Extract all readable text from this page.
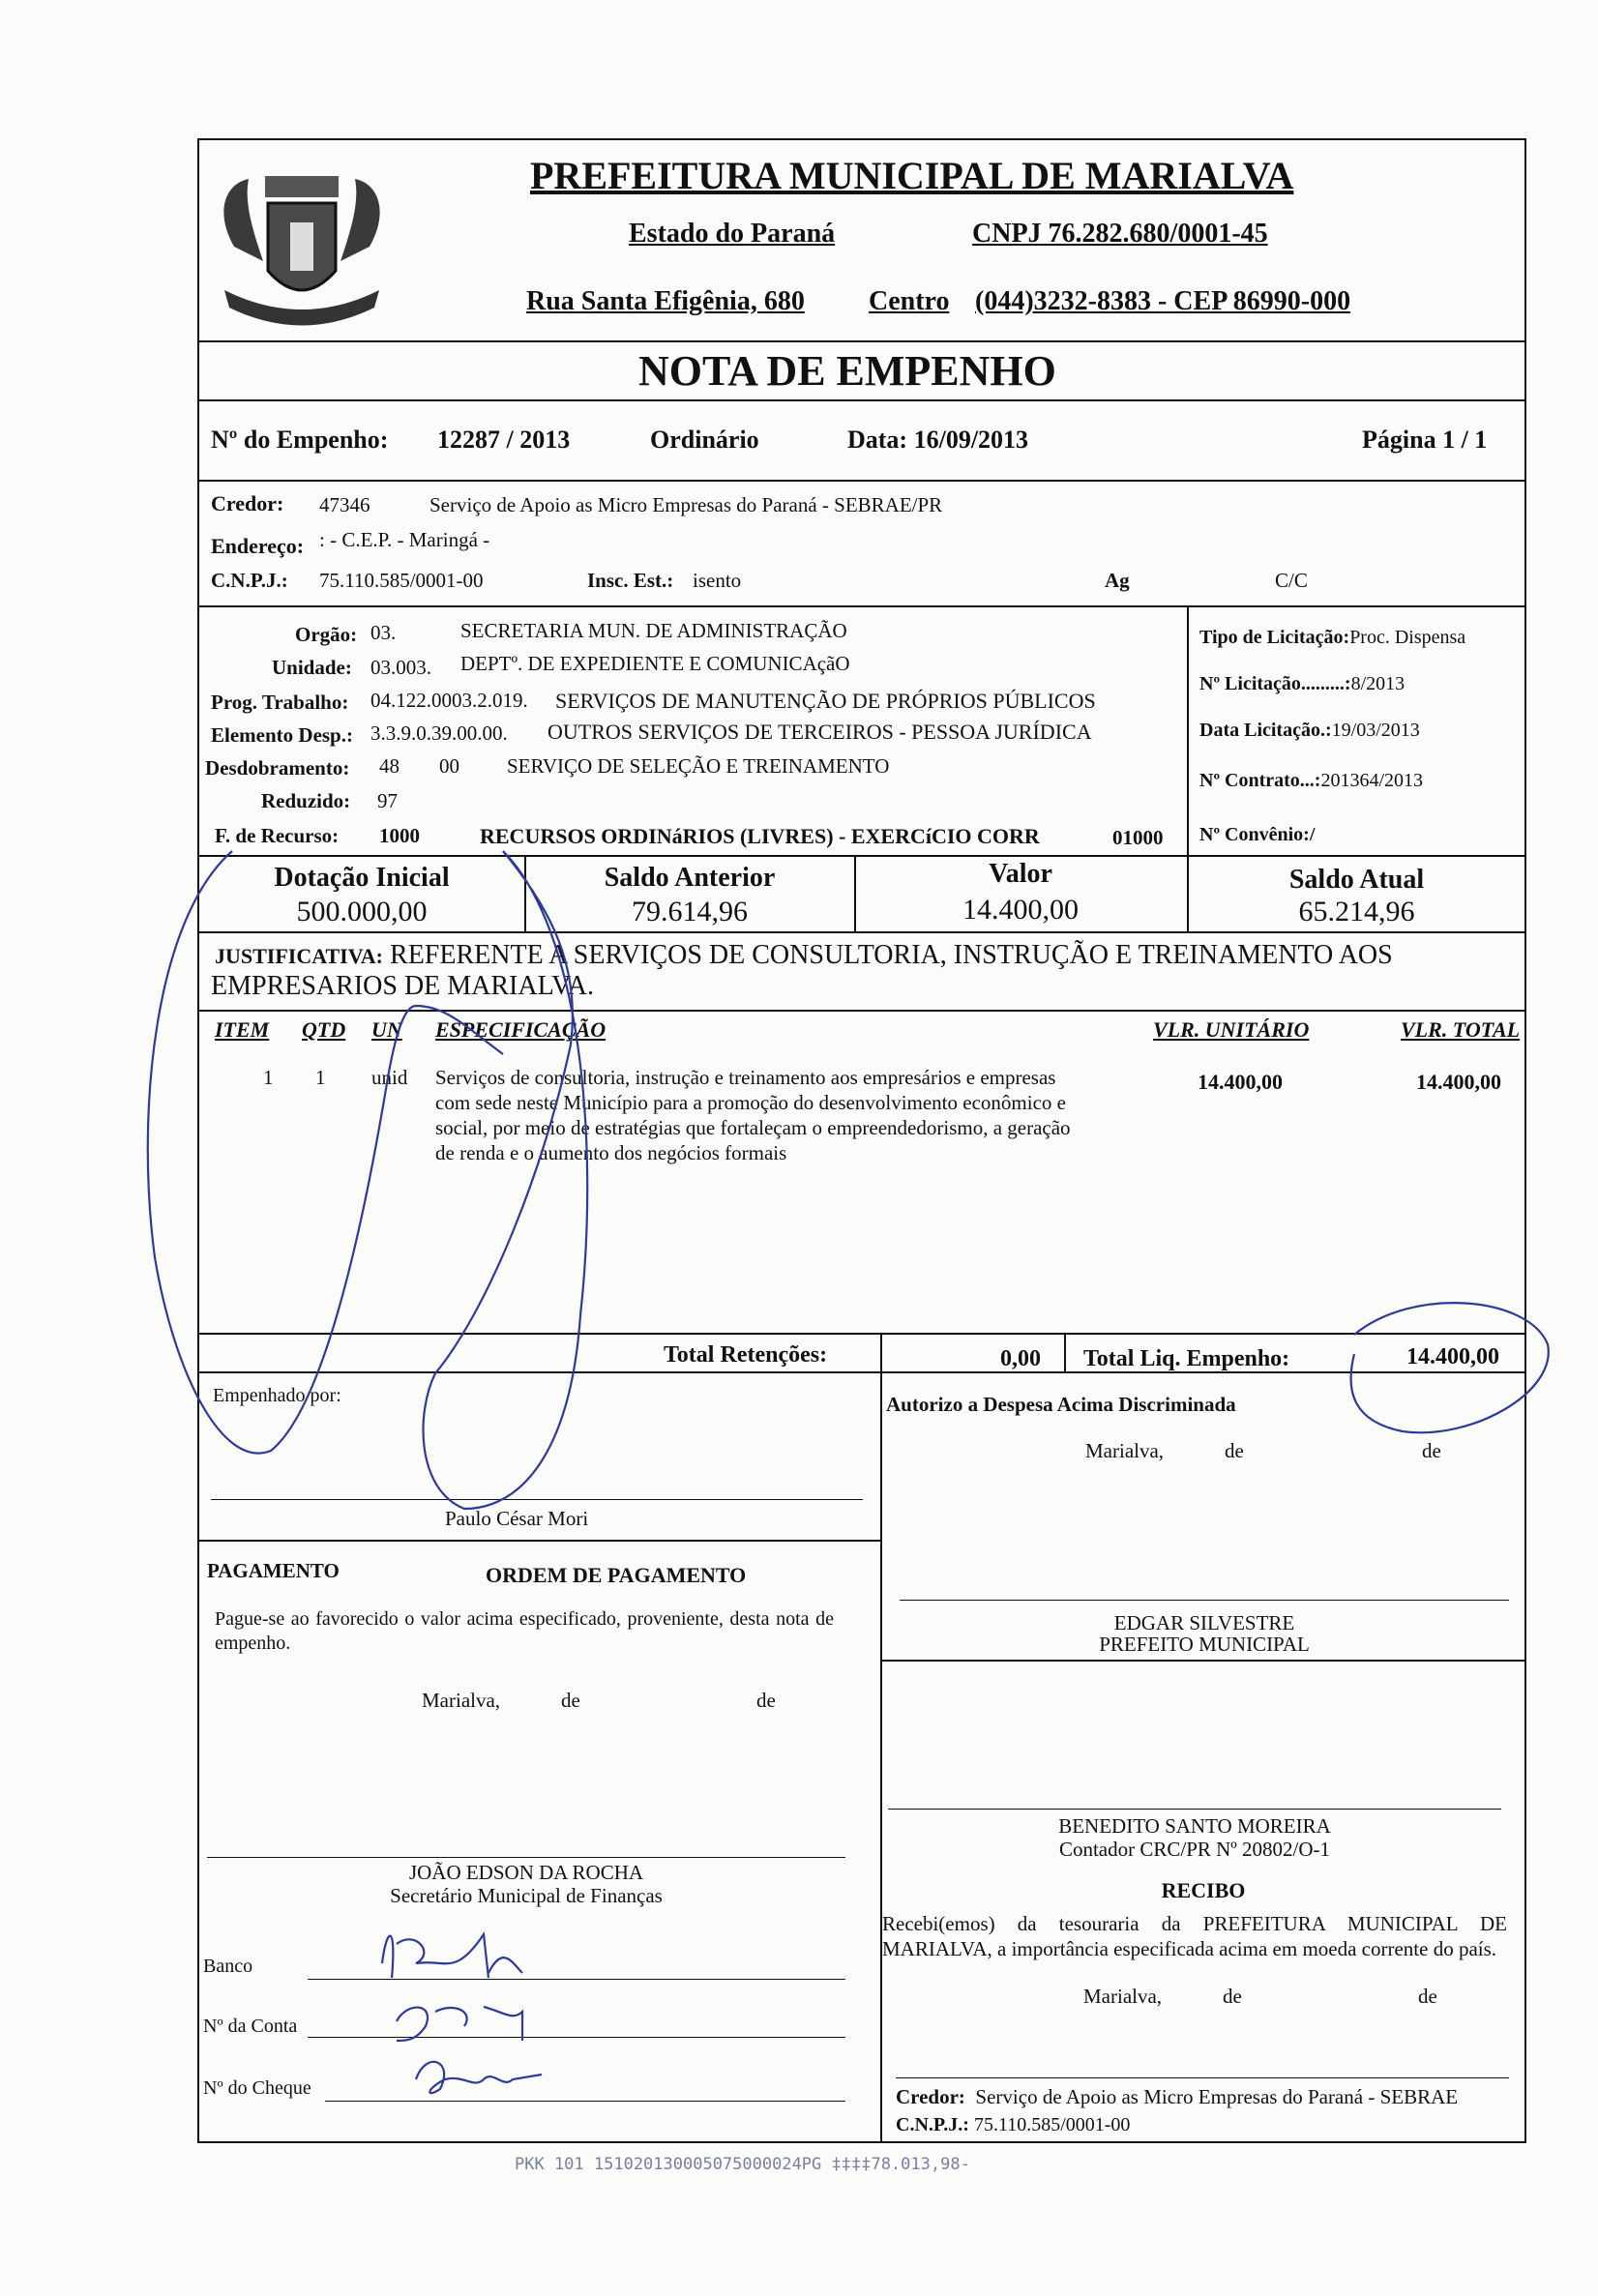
PREFEITURA MUNICIPAL DE MARIALVA
Estado do Paraná	CNPJ 76.282.680/0001-45
Rua Santa Efigênia, 680 Centro (044)3232-8383 - CEP 86990-000
NOTA DE EMPENHO
Nº do Empenho: 12287 / 2013	Ordinário	Data: 16/09/2013	Página 1 / 1
Credor: 47346	Serviço de Apoio as Micro Empresas do Paraná - SEBRAE/PR
Endereço: : - C.E.P. - Maringá -
C.N.P.J.: 75.110.585/0001-00	Insc. Est.: isento	Ag	C/C
Orgão: 03.	SECRETARIA MUN. DE ADMINISTRAÇÃO
Unidade: 03.003. DEPTº. DE EXPEDIENTE E COMUNICAçãO
Prog. Trabalho: 04.122.0003.2.019. SERVIÇOS DE MANUTENÇÃO DE PRÓPRIOS PÚBLICOS
Elemento Desp.: 3.3.9.0.39.00.00. OUTROS SERVIÇOS DE TERCEIROS - PESSOA JURÍDICA
Desdobramento: 48 00 SERVIÇO DE SELEÇÃO E TREINAMENTO
Reduzido: 97
F. de Recurso: 1000	RECURSOS ORDINáRIOS (LIVRES) - EXERCíCIO CORR	01000
Tipo de Licitação:Proc. Dispensa
Nº Licitação.........:8/2013
Data Licitação.:19/03/2013
Nº Contrato...:201364/2013
Nº Convênio:/
Dotação Inicial
500.000,00
Saldo Anterior
79.614,96
Valor
14.400,00
Saldo Atual
65.214,96
JUSTIFICATIVA: REFERENTE A SERVIÇOS DE CONSULTORIA, INSTRUÇÃO E TREINAMENTO AOS
EMPRESARIOS DE MARIALVA.
ITEM QTD UN ESPECIFICAÇÃO	VLR. UNITÁRIO	VLR. TOTAL
1 1 unid Serviços de consultoria, instrução e treinamento aos empresários e empresas
com sede neste Município para a promoção do desenvolvimento econômico e
social, por meio de estratégias que fortaleçam o empreendedorismo, a geração
de renda e o aumento dos negócios formais
14.400,00	14.400,00
Total Retenções:	0,00 Total Liq. Empenho:	14.400,00
Empenhado por:
Paulo César Mori
Autorizo a Despesa Acima Discriminada
Marialva,	de	de
PAGAMENTO	ORDEM DE PAGAMENTO
Pague-se ao favorecido o valor acima especificado, proveniente, desta nota de empenho.
Marialva,	de	de
JOÃO EDSON DA ROCHA
Secretário Municipal de Finanças
Banco
Nº da Conta
Nº do Cheque
EDGAR SILVESTRE
PREFEITO MUNICIPAL
BENEDITO SANTO MOREIRA
Contador CRC/PR Nº 20802/O-1
RECIBO
Recebi(emos) da tesouraria da PREFEITURA MUNICIPAL DE MARIALVA, a importância especificada acima em moeda corrente do país.
Marialva,	de	de
Credor: Serviço de Apoio as Micro Empresas do Paraná - SEBRAE
C.N.P.J.: 75.110.585/0001-00
PKK 101 151020130005075000024PG ‡‡‡‡78.013,98-
